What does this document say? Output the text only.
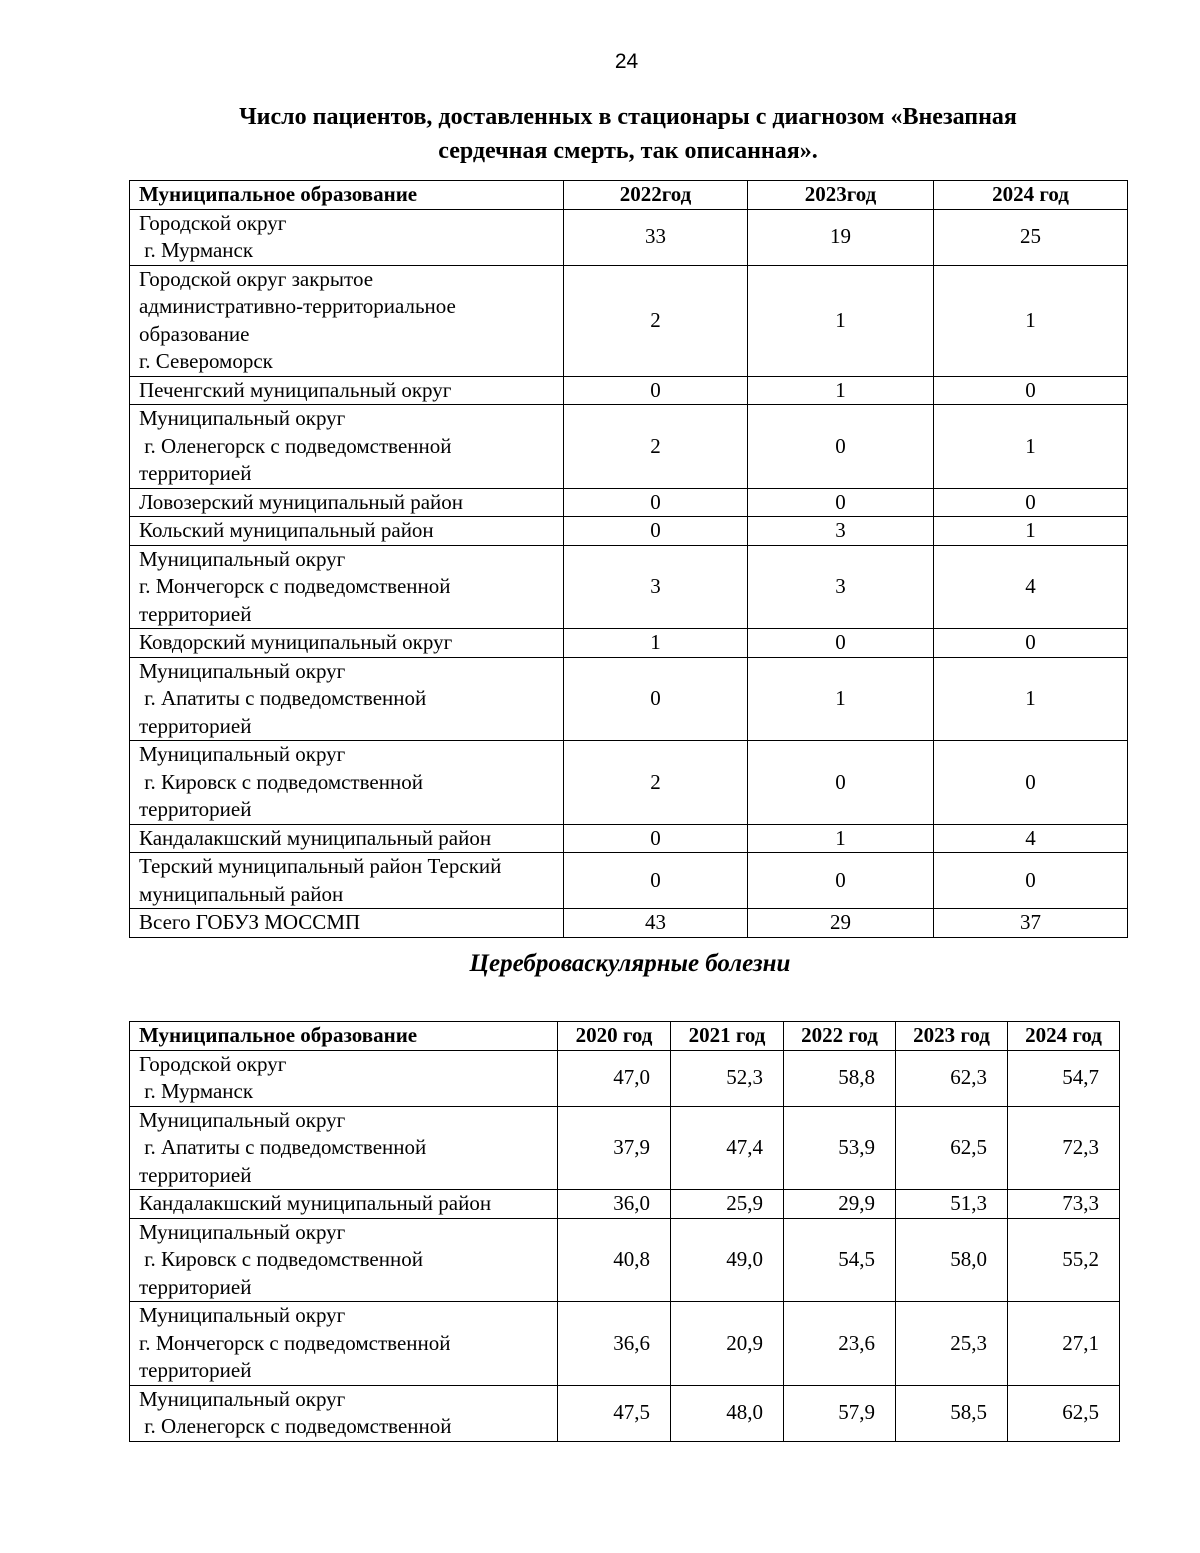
24
Число пациентов, доставленных в стационары с диагнозом «Внезапная
сердечная смерть, так описанная».
Муниципальное образование	2022год	2023год	2024 год

Городской округ
г. Мурманск	33	19	25

Городской округ закрытое
административно-территориальное
образование
г. Североморск	2	1	1

Печенгский муниципальный округ	0	1	0

Муниципальный округ
г. Оленегорск с подведомственной
территорией	2	0	1

Ловозерский муниципальный район	0	0	0

Кольский муниципальный район	0	3	1

Муниципальный округ
г. Мончегорск с подведомственной
территорией	3	3	4

Ковдорский муниципальный округ	1	0	0

Муниципальный округ
г. Апатиты с подведомственной
территорией	0	1	1

Муниципальный округ
г. Кировск с подведомственной
территорией	2	0	0

Кандалакшский муниципальный район	0	1	4

Терский муниципальный район Терский
муниципальный район	0	0	0

Всего ГОБУЗ МОССМП	43	29	37
Цереброваскулярные болезни
Муниципальное образование	2020 год	2021 год	2022 год	2023 год	2024 год

Городской округ
г. Мурманск	47,0	52,3	58,8	62,3	54,7

Муниципальный округ
г. Апатиты с подведомственной
территорией	37,9	47,4	53,9	62,5	72,3

Кандалакшский муниципальный район	36,0	25,9	29,9	51,3	73,3

Муниципальный округ
г. Кировск с подведомственной
территорией	40,8	49,0	54,5	58,0	55,2

Муниципальный округ
г. Мончегорск с подведомственной
территорией	36,6	20,9	23,6	25,3	27,1

Муниципальный округ
г. Оленегорск с подведомственной	47,5	48,0	57,9	58,5	62,5
